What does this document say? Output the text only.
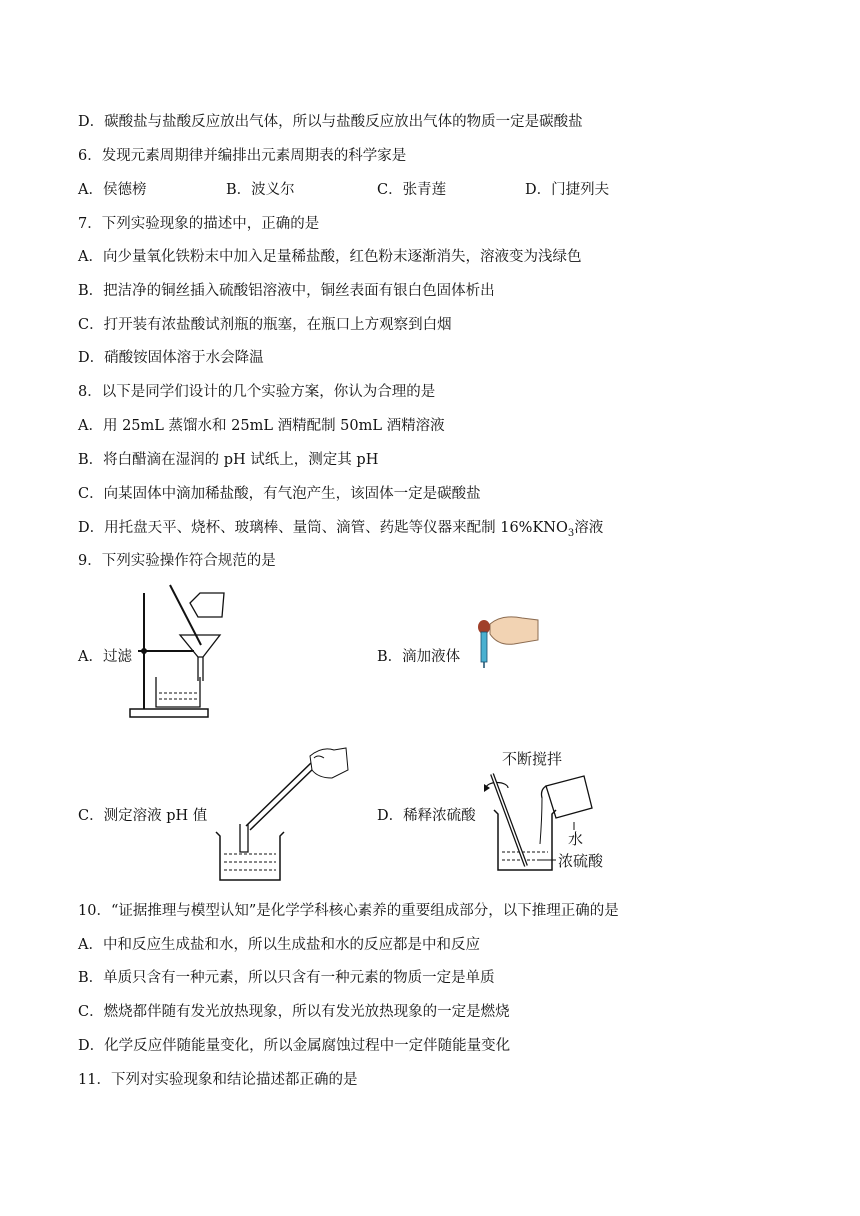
D．碳酸盐与盐酸反应放出气体，所以与盐酸反应放出气体的物质一定是碳酸盐
6．发现元素周期律并编排出元素周期表的科学家是
A．侯德榜	B．波义尔	C．张青莲	D．门捷列夫
7．下列实验现象的描述中，正确的是
A．向少量氧化铁粉末中加入足量稀盐酸，红色粉末逐渐消失，溶液变为浅绿色
B．把洁净的铜丝插入硫酸铝溶液中，铜丝表面有银白色固体析出
C．打开装有浓盐酸试剂瓶的瓶塞，在瓶口上方观察到白烟
D．硝酸铵固体溶于水会降温
8．以下是同学们设计的几个实验方案，你认为合理的是
A．用 25mL 蒸馏水和 25mL 酒精配制 50mL 酒精溶液
B．将白醋滴在湿润的 pH 试纸上，测定其 pH
C．向某固体中滴加稀盐酸，有气泡产生，该固体一定是碳酸盐
D．用托盘天平、烧杯、玻璃棒、量筒、滴管、药匙等仪器来配制 $16\%KNO_3$溶液
9．下列实验操作符合规范的是
A．过滤	B．滴加液体
C．测定溶液 pH 值	D．稀释浓硫酸
不断搅拌
水
浓硫酸
10．“证据推理与模型认知”是化学学科核心素养的重要组成部分，以下推理正确的是
A．中和反应生成盐和水，所以生成盐和水的反应都是中和反应
B．单质只含有一种元素，所以只含有一种元素的物质一定是单质
C．燃烧都伴随有发光放热现象，所以有发光放热现象的一定是燃烧
D．化学反应伴随能量变化，所以金属腐蚀过程中一定伴随能量变化
11．下列对实验现象和结论描述都正确的是
